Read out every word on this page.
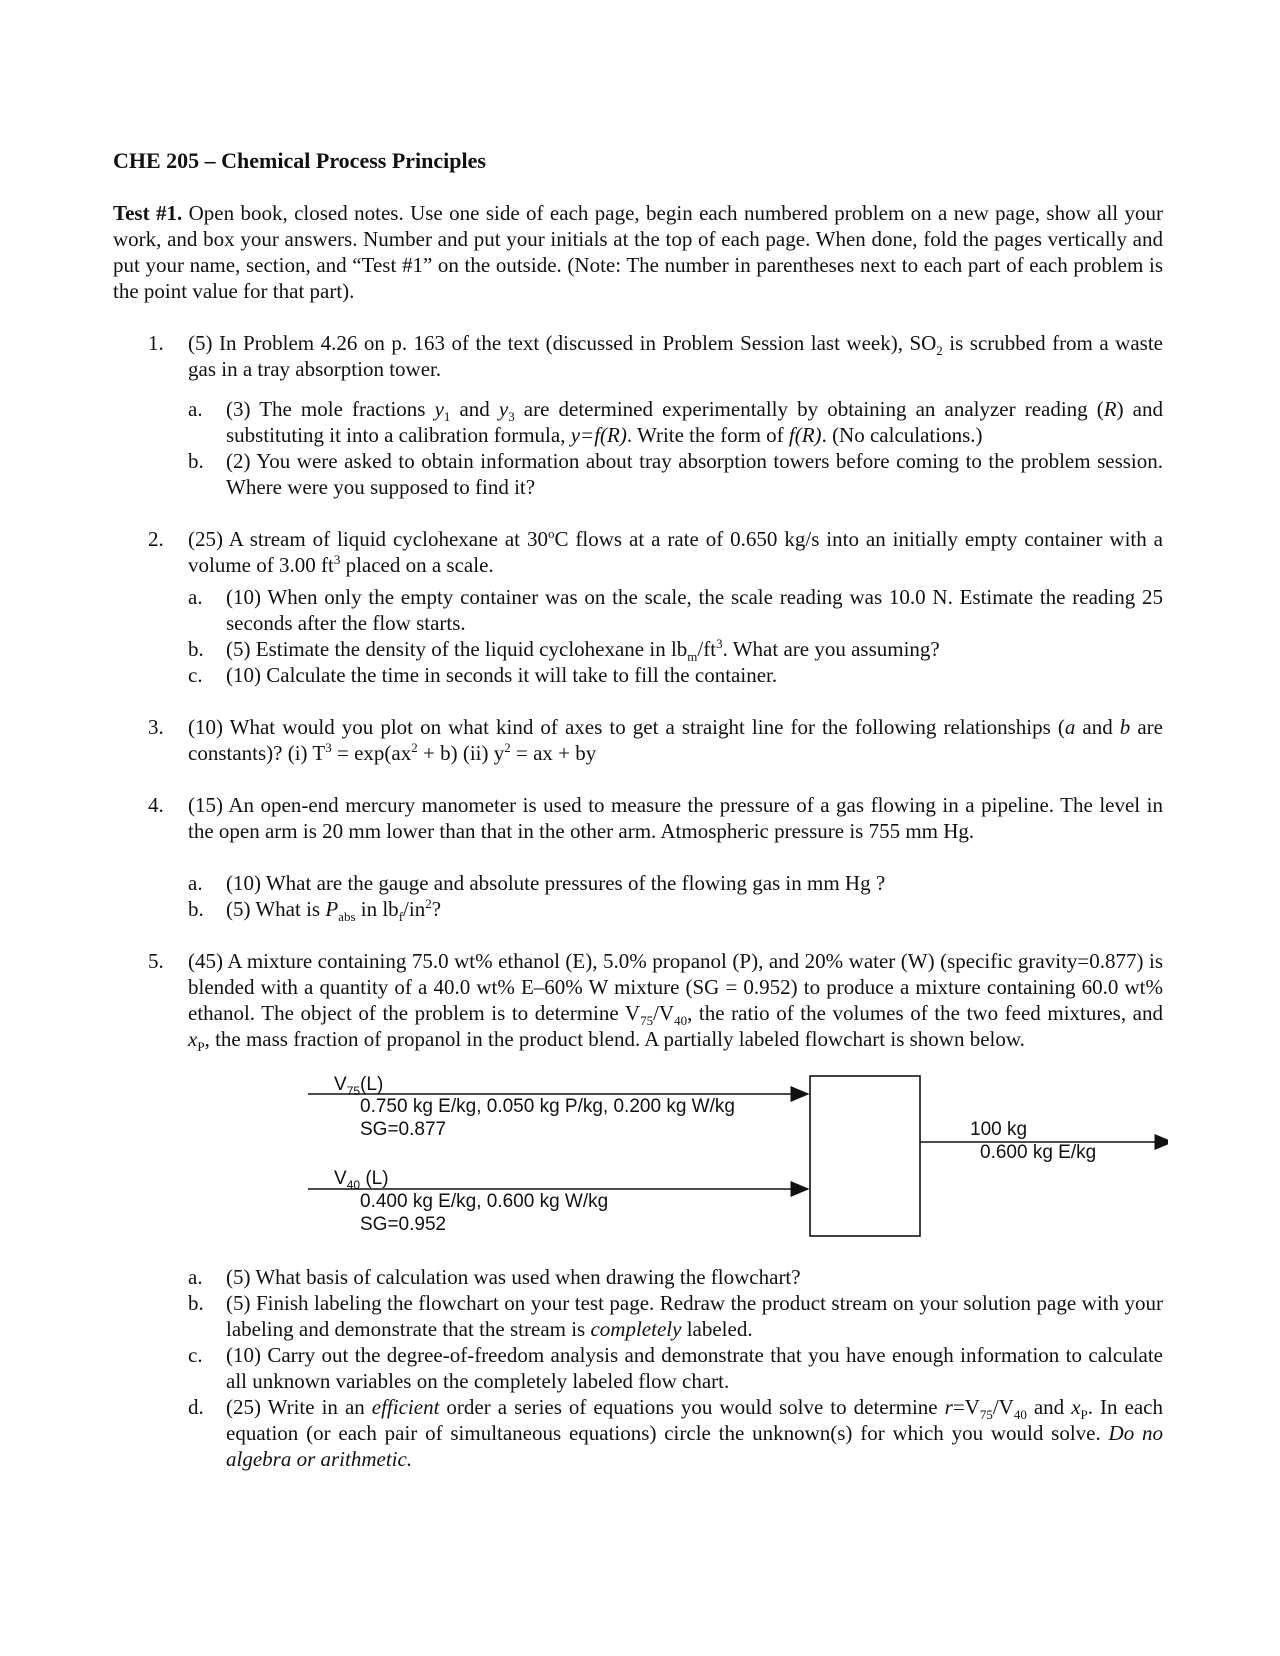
CHE 205 – Chemical Process Principles
Test #1. Open book, closed notes. Use one side of each page, begin each numbered problem on a new page, show all your work, and box your answers. Number and put your initials at the top of each page. When done, fold the pages vertically and put your name, section, and “Test #1” on the outside. (Note: The number in parentheses next to each part of each problem is the point value for that part).
1. (5) In Problem 4.26 on p. 163 of the text (discussed in Problem Session last week), $SO_2$ is scrubbed from a waste gas in a tray absorption tower.
a. (3) The mole fractions $y_1$ and $y_3$ are determined experimentally by obtaining an analyzer reading (R) and substituting it into a calibration formula, y=f(R). Write the form of f(R). (No calculations.)
b. (2) You were asked to obtain information about tray absorption towers before coming to the problem session. Where were you supposed to find it?
2. (25) A stream of liquid cyclohexane at 30$^o$C flows at a rate of 0.650 kg/s into an initially empty container with a volume of 3.00 $ft^3$ placed on a scale.
a. (10) When only the empty container was on the scale, the scale reading was 10.0 N. Estimate the reading 25 seconds after the flow starts.
b. (5) Estimate the density of the liquid cyclohexane in $lb_m/ft^3$. What are you assuming?
c. (10) Calculate the time in seconds it will take to fill the container.
3. (10) What would you plot on what kind of axes to get a straight line for the following relationships (a and b are constants)? (i) $T^3 = \exp(ax^2 + b)$ (ii) $y^2$ = ax + by
4. (15) An open-end mercury manometer is used to measure the pressure of a gas flowing in a pipeline. The level in the open arm is 20 mm lower than that in the other arm. Atmospheric pressure is 755 mm Hg.
a. (10) What are the gauge and absolute pressures of the flowing gas in mm Hg ?
b. (5) What is $P_{abs}$ in $lb_f/in^2$?
5. (45) A mixture containing 75.0 wt% ethanol (E), 5.0% propanol (P), and 20% water (W) (specific gravity=0.877) is blended with a quantity of a 40.0 wt% E–60% W mixture (SG = 0.952) to produce a mixture containing 60.0 wt% ethanol. The object of the problem is to determine $V_{75}/V_{40}$, the ratio of the volumes of the two feed mixtures, and $x_P$, the mass fraction of propanol in the product blend. A partially labeled flowchart is shown below.
$V_{75}(L)$
0.750 kg E/kg, 0.050 kg P/kg, 0.200 kg W/kg
SG=0.877
$V_{40}$ (L)
0.400 kg E/kg, 0.600 kg W/kg
SG=0.952
100 kg
0.600 kg E/kg
a. (5) What basis of calculation was used when drawing the flowchart?
b. (5) Finish labeling the flowchart on your test page. Redraw the product stream on your solution page with your labeling and demonstrate that the stream is completely labeled.
c. (10) Carry out the degree-of-freedom analysis and demonstrate that you have enough information to calculate all unknown variables on the completely labeled flow chart.
d. (25) Write in an efficient order a series of equations you would solve to determine $r=V_{75}/V_{40}$ and $x_P$. In each equation (or each pair of simultaneous equations) circle the unknown(s) for which you would solve. Do no algebra or arithmetic.
